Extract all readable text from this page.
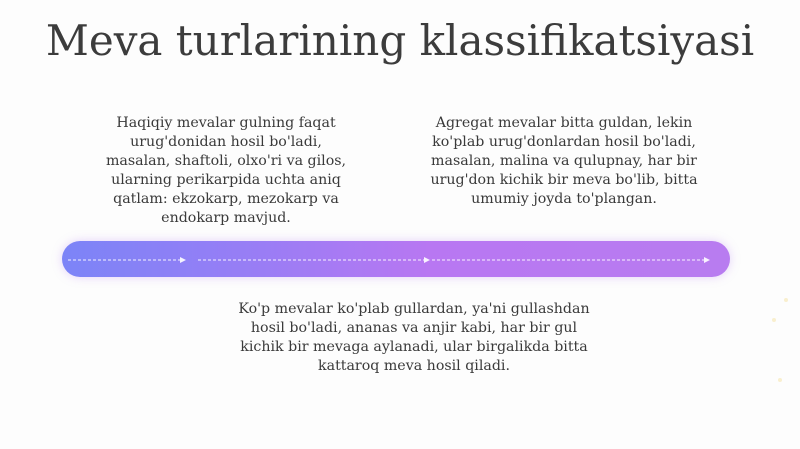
Meva turlarining klassifikatsiyasi

Haqiqiy mevalar gulning faqat urug'donidan hosil bo'ladi, masalan, shaftoli, olxo'ri va gilos, ularning perikarpida uchta aniq qatlam: ekzokarp, mezokarp va endokarp mavjud.

Agregat mevalar bitta guldan, lekin ko'plab urug'donlardan hosil bo'ladi, masalan, malina va qulupnay, har bir urug'don kichik bir meva bo'lib, bitta umumiy joyda to'plangan.

Ko'p mevalar ko'plab gullardan, ya'ni gullashdan hosil bo'ladi, ananas va anjir kabi, har bir gul kichik bir mevaga aylanadi, ular birgalikda bitta kattaroq meva hosil qiladi.
